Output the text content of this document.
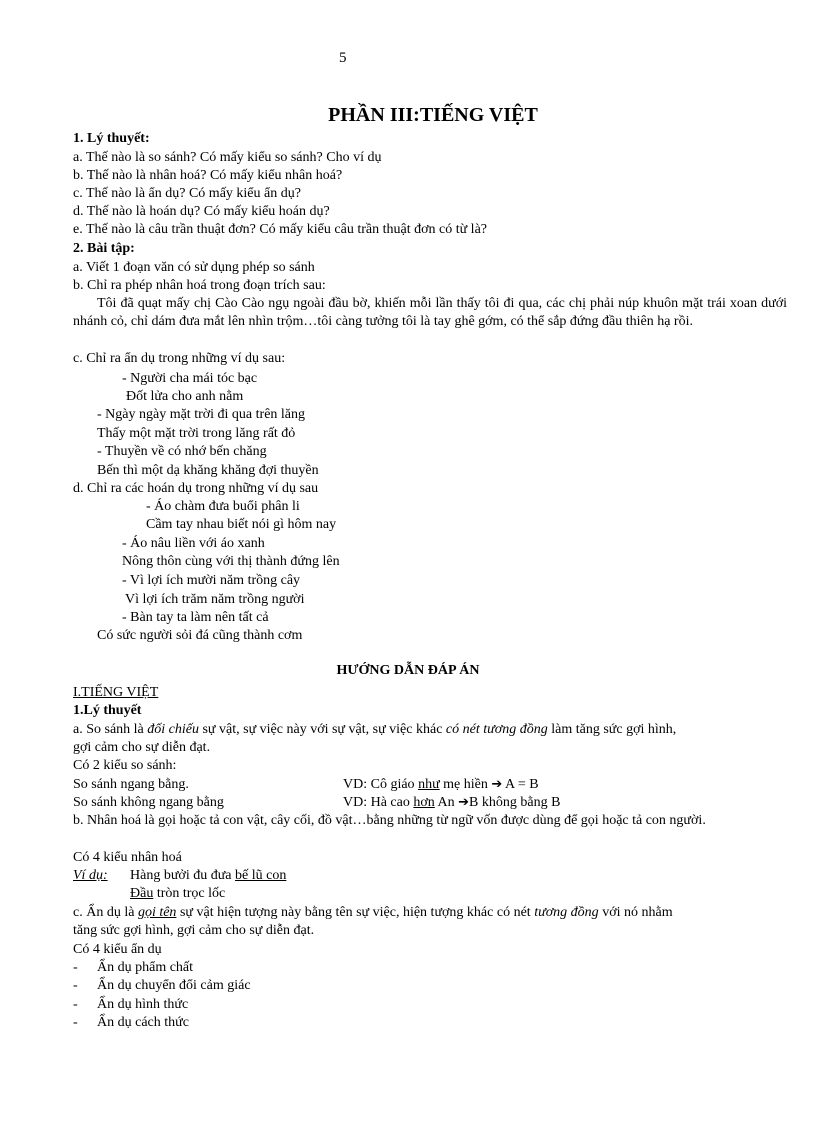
5
PHẦN III:TIẾNG VIỆT
1. Lý thuyết:
a. Thế nào là so sánh? Có mấy kiểu so sánh? Cho ví dụ
b. Thế nào là nhân hoá? Có mấy kiểu nhân hoá?
c. Thế nào là ẩn dụ? Có mấy kiểu ẩn dụ?
d. Thế nào là hoán dụ? Có mấy kiểu hoán dụ?
e. Thế nào là câu trần thuật đơn? Có mấy kiểu câu trần thuật đơn có từ là?
2. Bài tập:
a. Viết 1 đoạn văn có sử dụng phép so sánh
b. Chỉ ra phép nhân hoá trong đoạn trích sau:
Tôi đã quạt mấy chị Cào Cào ngụ ngoài đầu bờ, khiến mỗi lần thấy tôi đi qua, các chị phải núp khuôn mặt trái xoan dưới nhánh cỏ, chỉ dám đưa mắt lên nhìn trộm…tôi càng tưởng tôi là tay ghê gớm, có thể sắp đứng đầu thiên hạ rồi.
c. Chỉ ra ẩn dụ trong những ví dụ sau:
- Người cha mái tóc bạc
Đốt lửa cho anh nằm
- Ngày ngày mặt trời đi qua trên lăng
Thấy một mặt trời trong lăng rất đỏ
- Thuyền về có nhớ bến chăng
Bến thì một dạ khăng khăng đợi thuyền
d. Chỉ ra các hoán dụ trong những ví dụ sau
- Áo chàm đưa buổi phân li
Cầm tay nhau biết nói gì hôm nay
- Áo nâu liền với áo xanh
Nông thôn cùng với thị thành đứng lên
- Vì lợi ích mười năm trồng cây
Vì lợi ích trăm năm trồng người
- Bàn tay ta làm nên tất cả
Có sức người sỏi đá cũng thành cơm
HƯỚNG DẪN ĐÁP ÁN
I.TIẾNG VIỆT
1.Lý thuyết
a. So sánh là đối chiếu sự vật, sự việc này với sự vật, sự việc khác có nét tương đồng làm tăng sức gợi hình,
gợi cảm cho sự diễn đạt.
Có 2 kiểu so sánh:
So sánh ngang bằng.	VD: Cô giáo như mẹ hiền ➔ A = B
So sánh không ngang bằng	VD: Hà cao hơn An ➔B không bằng B
b. Nhân hoá là gọi hoặc tả con vật, cây cối, đồ vật…bằng những từ ngữ vốn được dùng để gọi hoặc tả con người.
Có 4 kiểu nhân hoá
Ví dụ: Hàng bưởi đu đưa bế lũ con
Đầu tròn trọc lốc
c. Ẩn dụ là gọi tên sự vật hiện tượng này bằng tên sự việc, hiện tượng khác có nét tương đồng với nó nhằm
tăng sức gợi hình, gợi cảm cho sự diễn đạt.
Có 4 kiểu ẩn dụ
- Ẩn dụ phẩm chất
- Ẩn dụ chuyển đổi cảm giác
- Ẩn dụ hình thức
- Ẩn dụ cách thức
